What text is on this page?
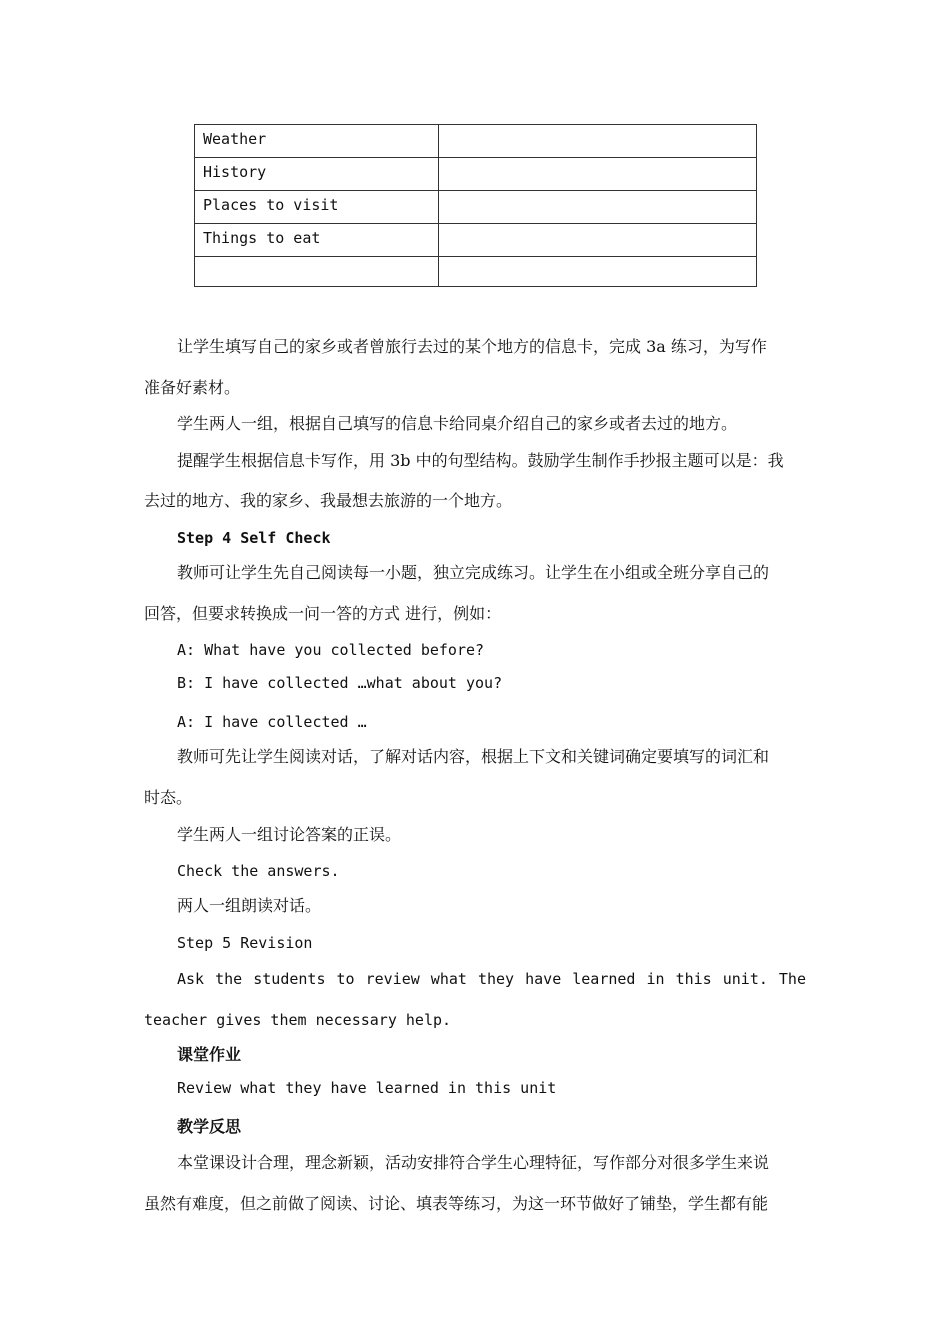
Weather	
History	
Places to visit	
Things to eat	

让学生填写自己的家乡或者曾旅行去过的某个地方的信息卡，完成 3a 练习，为写作
准备好素材。
学生两人一组，根据自己填写的信息卡给同桌介绍自己的家乡或者去过的地方。
提醒学生根据信息卡写作，用 3b 中的句型结构。鼓励学生制作手抄报主题可以是：我
去过的地方、我的家乡、我最想去旅游的一个地方。
Step 4 Self Check
教师可让学生先自己阅读每一小题，独立完成练习。让学生在小组或全班分享自己的
回答，但要求转换成一问一答的方式 进行，例如：
A: What have you collected before?
B: I have collected …what about you?
A: I have collected …
教师可先让学生阅读对话，了解对话内容，根据上下文和关键词确定要填写的词汇和
时态。
学生两人一组讨论答案的正误。
Check the answers.
两人一组朗读对话。
Step 5 Revision
Ask the students to review what they have learned in this unit. The
teacher gives them necessary help.
课堂作业
Review what they have learned in this unit
教学反思
本堂课设计合理，理念新颖，活动安排符合学生心理特征，写作部分对很多学生来说
虽然有难度，但之前做了阅读、讨论、填表等练习，为这一环节做好了铺垫，学生都有能
